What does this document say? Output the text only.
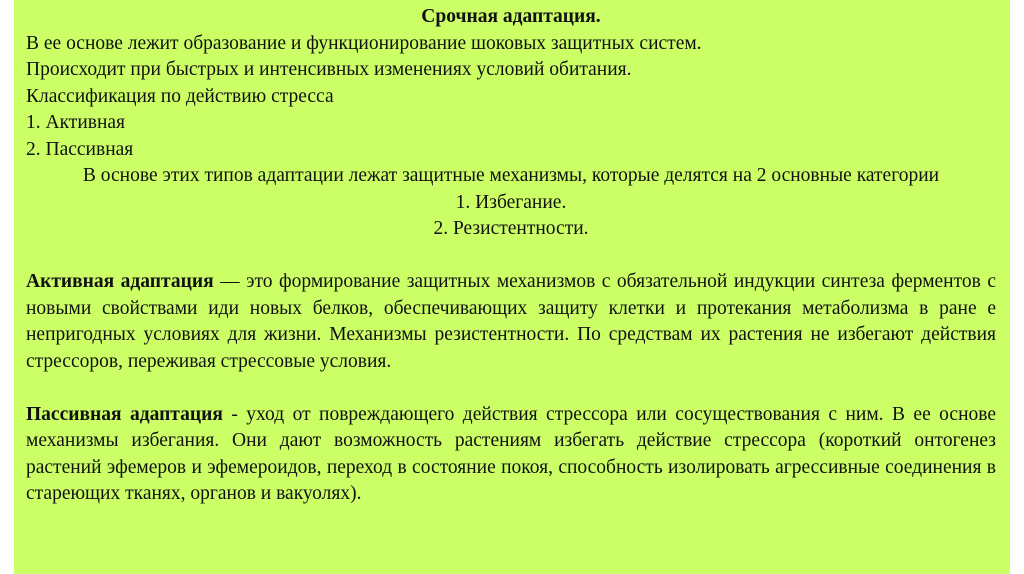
Срочная адаптация.

В ее основе лежит образование и функционирование шоковых защитных систем.

Происходит при быстрых и интенсивных изменениях условий обитания.

Классификация по действию стресса

1. Активная

2. Пассивная

В основе этих типов адаптации лежат защитные механизмы, которые делятся на 2 основные категории

1. Избегание.

2. Резистентности.

Активная адаптация — это формирование защитных механизмов с обязательной индукции синтеза ферментов с новыми свойствами иди новых белков, обеспечивающих защиту клетки и протекания метаболизма в ране е непригодных условиях для жизни. Механизмы резистентности. По средствам их растения не избегают действия стрессоров, переживая стрессовые условия.

Пассивная адаптация - уход от повреждающего действия стрессора или сосуществования с ним. В ее основе механизмы избегания. Они дают возможность растениям избегать действие стрессора (короткий онтогенез растений эфемеров и эфемероидов, переход в состояние покоя, способность изолировать агрессивные соединения в стареющих тканях, органов и вакуолях).
